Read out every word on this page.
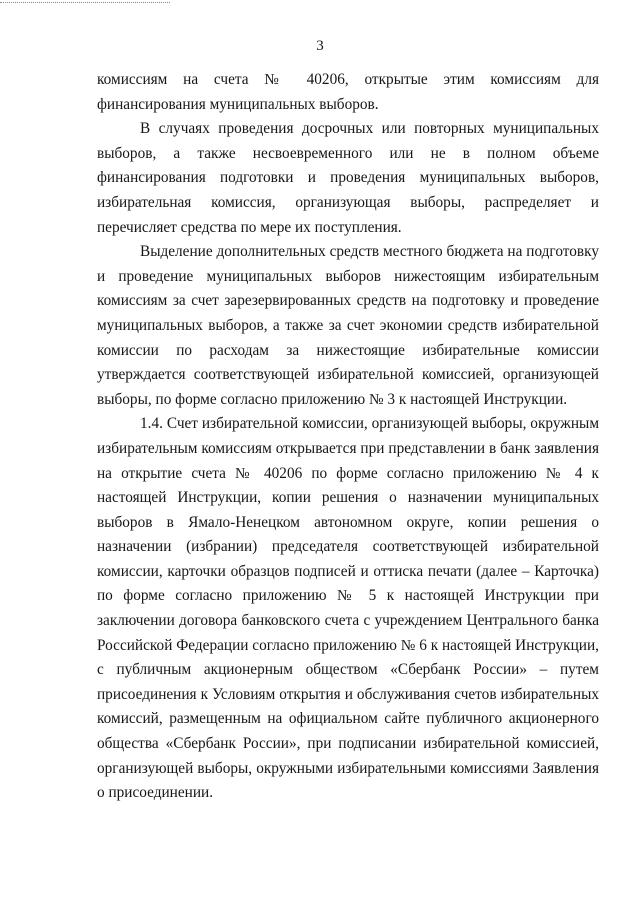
3

комиссиям на счета № 40206, открытые этим комиссиям для финансирования муниципальных выборов.

В случаях проведения досрочных или повторных муниципальных выборов, а также несвоевременного или не в полном объеме финансирования подготовки и проведения муниципальных выборов, избирательная комиссия, организующая выборы, распределяет и перечисляет средства по мере их поступления.

Выделение дополнительных средств местного бюджета на подготовку и проведение муниципальных выборов нижестоящим избирательным комиссиям за счет зарезервированных средств на подготовку и проведение муниципальных выборов, а также за счет экономии средств избирательной комиссии по расходам за нижестоящие избирательные комиссии утверждается соответствующей избирательной комиссией, организующей выборы, по форме согласно приложению № 3 к настоящей Инструкции.

1.4. Счет избирательной комиссии, организующей выборы, окружным избирательным комиссиям открывается при представлении в банк заявления на открытие счета № 40206 по форме согласно приложению № 4 к настоящей Инструкции, копии решения о назначении муниципальных выборов в Ямало-Ненецком автономном округе, копии решения о назначении (избрании) председателя соответствующей избирательной комиссии, карточки образцов подписей и оттиска печати (далее – Карточка) по форме согласно приложению № 5 к настоящей Инструкции при заключении договора банковского счета с учреждением Центрального банка Российской Федерации согласно приложению № 6 к настоящей Инструкции, с публичным акционерным обществом «Сбербанк России» – путем присоединения к Условиям открытия и обслуживания счетов избирательных комиссий, размещенным на официальном сайте публичного акционерного общества «Сбербанк России», при подписании избирательной комиссией, организующей выборы, окружными избирательными комиссиями Заявления о присоединении.
